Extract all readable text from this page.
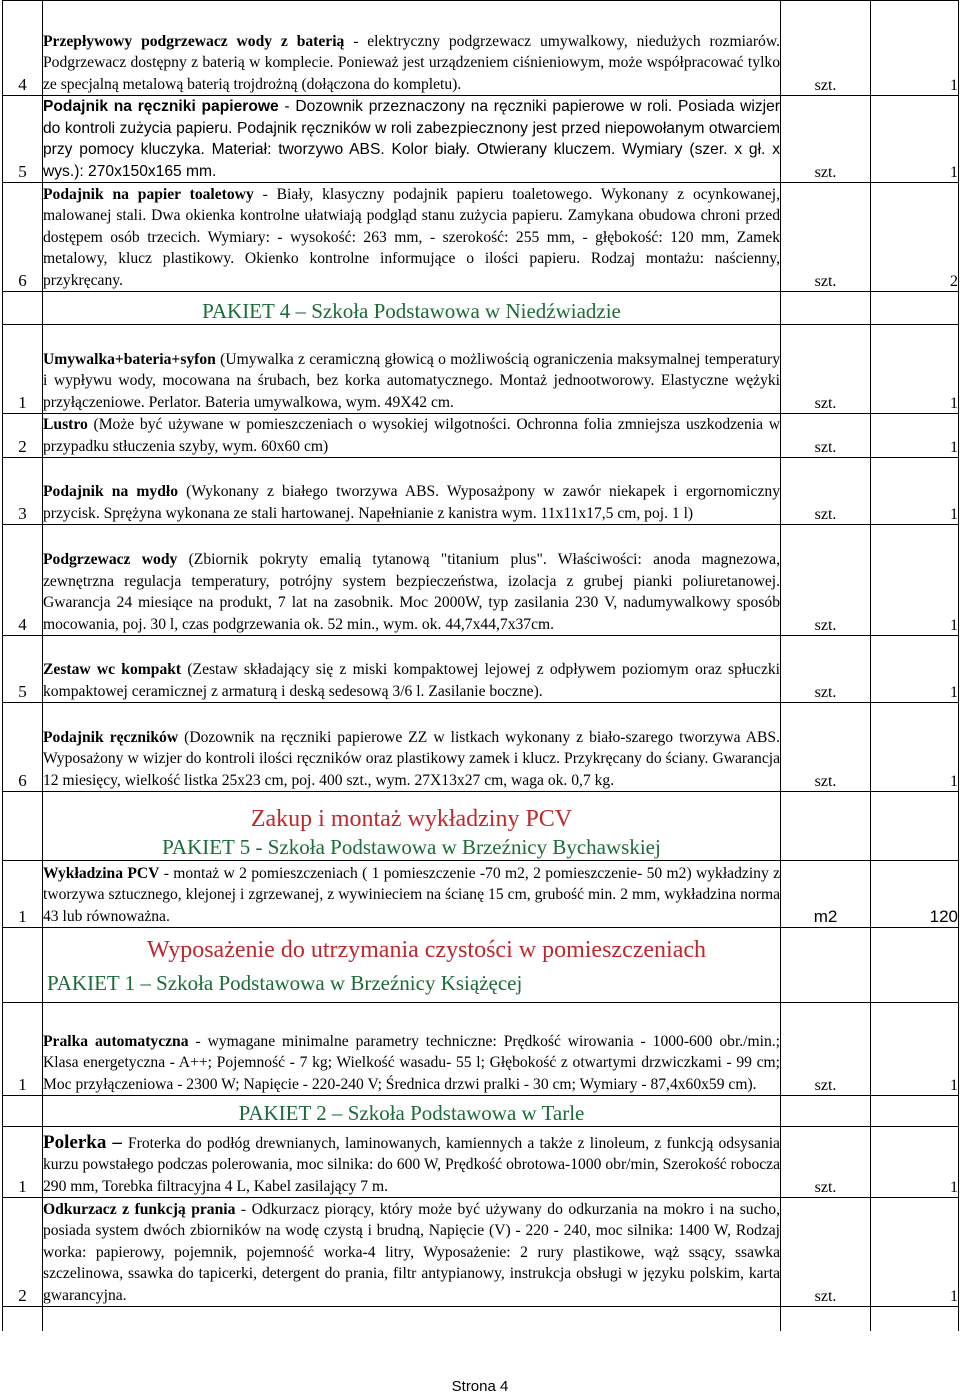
4	Przepływowy podgrzewacz wody z baterią - elektryczny podgrzewacz umywalkowy, niedużych rozmiarów. Podgrzewacz dostępny z baterią w komplecie. Ponieważ jest urządzeniem ciśnieniowym, może współpracować tylko ze specjalną metalową baterią trojdrożną (dołączona do kompletu).	szt.	1
5	Podajnik na ręczniki papierowe - Dozownik przeznaczony na ręczniki papierowe w roli. Posiada wizjer do kontroli zużycia papieru. Podajnik ręczników w roli zabezpiecznony jest przed niepowołanym otwarciem przy pomocy kluczyka. Materiał: tworzywo ABS. Kolor biały. Otwierany kluczem. Wymiary (szer. x gł. x wys.): 270x150x165 mm.	szt.	1
6	Podajnik na papier toaletowy - Biały, klasyczny podajnik papieru toaletowego. Wykonany z ocynkowanej, malowanej stali. Dwa okienka kontrolne ułatwiają podgląd stanu zużycia papieru. Zamykana obudowa chroni przed dostępem osób trzecich. Wymiary: - wysokość: 263 mm, - szerokość: 255 mm, - głębokość: 120 mm, Zamek metalowy, klucz plastikowy. Okienko kontrolne informujące o ilości papieru. Rodzaj montażu: naścienny, przykręcany.	szt.	2
	PAKIET 4 – Szkoła Podstawowa w Niedźwiadzie		
1	Umywalka+bateria+syfon (Umywalka z ceramiczną głowicą o możliwością ograniczenia maksymalnej temperatury i wypływu wody, mocowana na śrubach, bez korka automatycznego. Montaż jednootworowy. Elastyczne wężyki przyłączeniowe. Perlator. Bateria umywalkowa, wym. 49X42 cm.	szt.	1
2	Lustro (Może być używane w pomieszczeniach o wysokiej wilgotności. Ochronna folia zmniejsza uszkodzenia w przypadku stłuczenia szyby, wym. 60x60 cm)	szt.	1
3	Podajnik na mydło (Wykonany z białego tworzywa ABS. Wyposażpony w zawór niekapek i ergornomiczny przycisk. Sprężyna wykonana ze stali hartowanej. Napełnianie z kanistra wym. 11x11x17,5 cm, poj. 1 l)	szt.	1
4	Podgrzewacz wody (Zbiornik pokryty emalią tytanową "titanium plus". Właściwości: anoda magnezowa, zewnętrzna regulacja temperatury, potrójny system bezpieczeństwa, izolacja z grubej pianki poliuretanowej. Gwarancja 24 miesiące na produkt, 7 lat na zasobnik. Moc 2000W, typ zasilania 230 V, nadumywalkowy sposób mocowania, poj. 30 l, czas podgrzewania ok. 52 min., wym. ok. 44,7x44,7x37cm.	szt.	1
5	Zestaw wc kompakt (Zestaw składający się z miski kompaktowej lejowej z odpływem poziomym oraz spłuczki kompaktowej ceramicznej z armaturą i deską sedesową 3/6 l. Zasilanie boczne).	szt.	1
6	Podajnik ręczników (Dozownik na ręczniki papierowe ZZ w listkach wykonany z biało-szarego tworzywa ABS. Wyposażony w wizjer do kontroli ilości ręczników oraz plastikowy zamek i klucz. Przykręcany do ściany. Gwarancja 12 miesięcy, wielkość listka 25x23 cm, poj. 400 szt., wym. 27X13x27 cm, waga ok. 0,7 kg.	szt.	1

	Zakup i montaż wykładziny PCV
PAKIET 5 - Szkoła Podstawowa w Brzeźnicy Bychawskiej		

1	Wykładzina PCV - montaż w 2 pomieszczeniach ( 1 pomieszczenie -70 m2, 2 pomieszczenie- 50 m2) wykładziny z tworzywa sztucznego, klejonej i zgrzewanej, z wywinieciem na ścianę 15 cm, grubość min. 2 mm, wykładzina norma 43 lub równoważna.	m2	120

	Wyposażenie do utrzymania czystości w pomieszczeniach
PAKIET 1 – Szkoła Podstawowa w Brzeźnicy Książęcej		

1	Pralka automatyczna - wymagane minimalne parametry techniczne: Prędkość wirowania - 1000-600 obr./min.; Klasa energetyczna - A++; Pojemność - 7 kg; Wielkość wasadu- 55 l; Głębokość z otwartymi drzwiczkami - 99 cm; Moc przyłączeniowa - 2300 W; Napięcie - 220-240 V; Średnica drzwi pralki - 30 cm; Wymiary - 87,4x60x59 cm).	szt.	1
	PAKIET 2 – Szkoła Podstawowa w Tarle		
1	Polerka – Froterka do podłóg drewnianych, laminowanych, kamiennych a także z linoleum, z funkcją odsysania kurzu powstałego podczas polerowania, moc silnika: do 600 W, Prędkość obrotowa-1000 obr/min, Szerokość robocza 290 mm, Torebka filtracyjna 4 L, Kabel zasilający 7 m.	szt.	1
2	Odkurzacz z funkcją prania - Odkurzacz piorący, który może być używany do odkurzania na mokro i na sucho, posiada system dwóch zbiorników na wodę czystą i brudną, Napięcie (V) - 220 - 240, moc silnika: 1400 W, Rodzaj worka: papierowy, pojemnik, pojemność worka-4 litry, Wyposażenie: 2 rury plastikowe, wąż ssący, ssawka szczelinowa, ssawka do tapicerki, detergent do prania, filtr antypianowy, instrukcja obsługi w języku polskim, karta gwarancyjna.	szt.	1

Strona 4
